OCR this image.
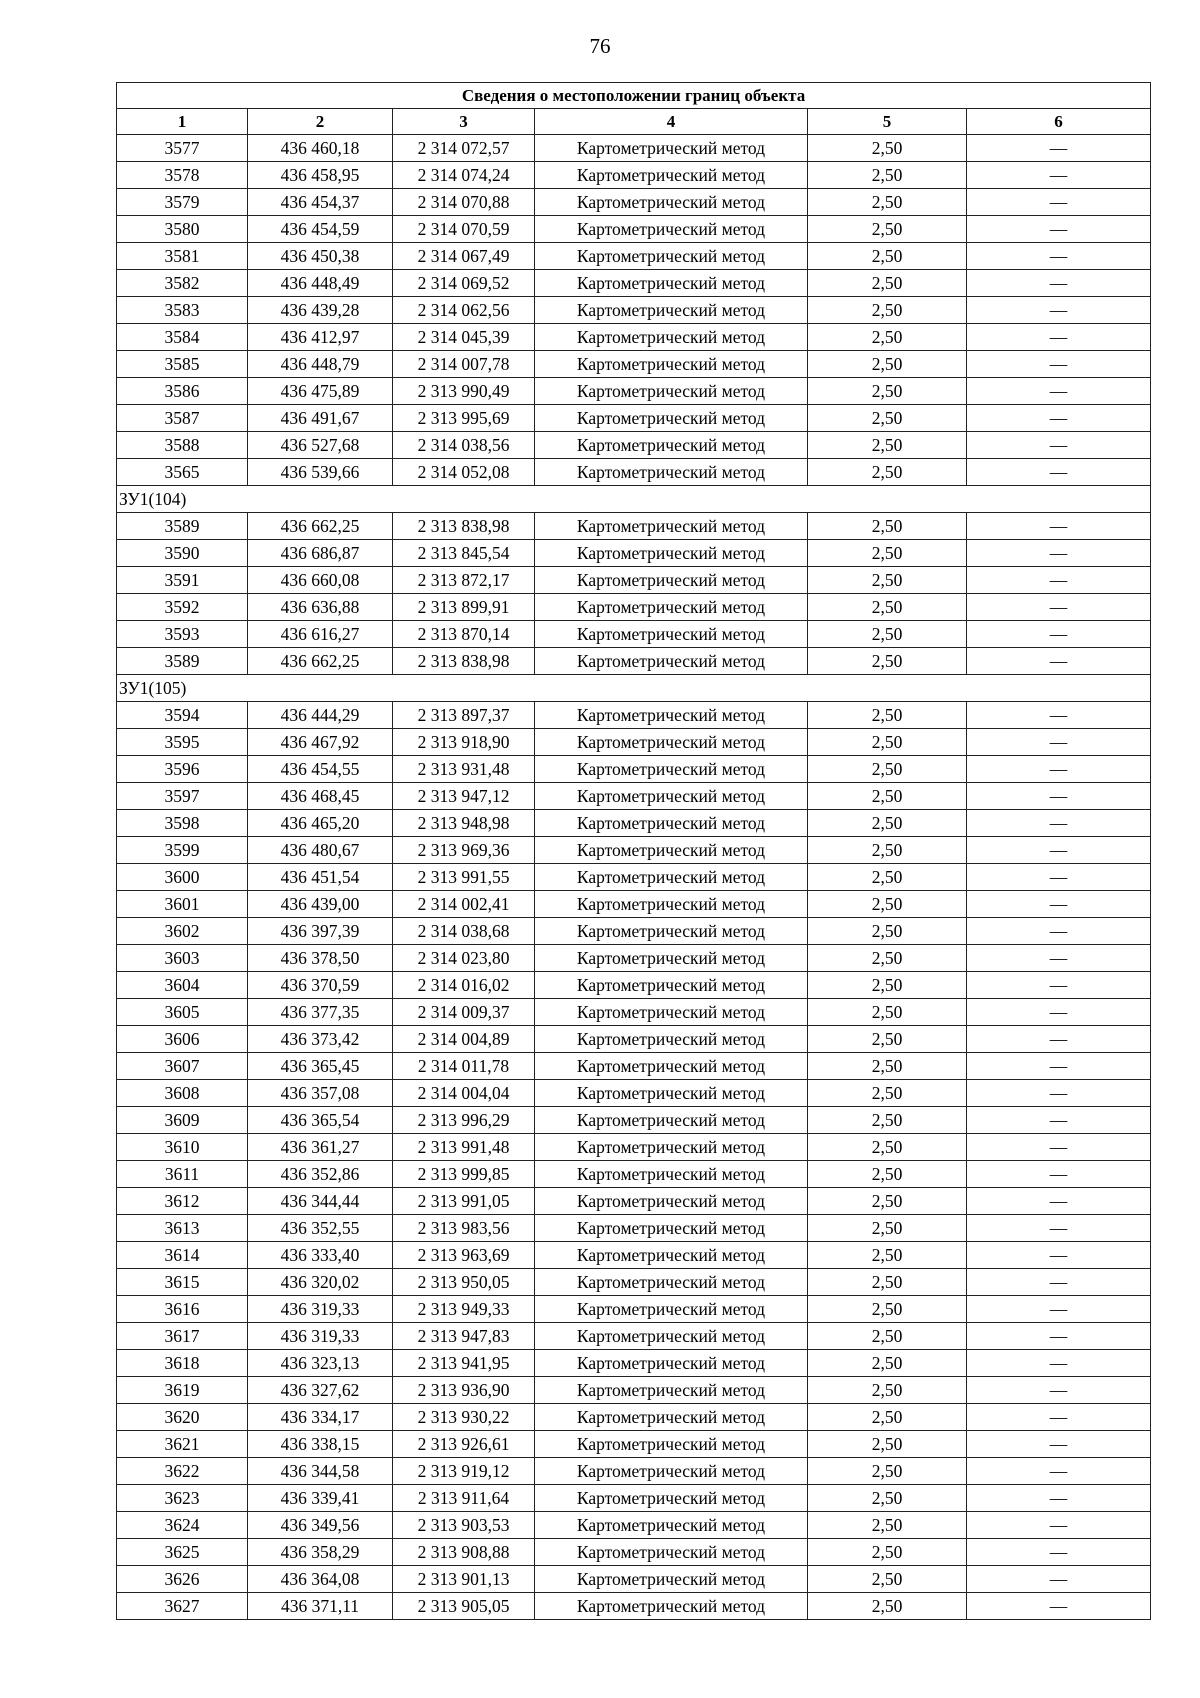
76
Сведения о местоположении границ объекта					
1	2	3	4	5	6
3577	436 460,18	2 314 072,57	Картометрический метод	2,50	—
3578	436 458,95	2 314 074,24	Картометрический метод	2,50	—
3579	436 454,37	2 314 070,88	Картометрический метод	2,50	—
3580	436 454,59	2 314 070,59	Картометрический метод	2,50	—
3581	436 450,38	2 314 067,49	Картометрический метод	2,50	—
3582	436 448,49	2 314 069,52	Картометрический метод	2,50	—
3583	436 439,28	2 314 062,56	Картометрический метод	2,50	—
3584	436 412,97	2 314 045,39	Картометрический метод	2,50	—
3585	436 448,79	2 314 007,78	Картометрический метод	2,50	—
3586	436 475,89	2 313 990,49	Картометрический метод	2,50	—
3587	436 491,67	2 313 995,69	Картометрический метод	2,50	—
3588	436 527,68	2 314 038,56	Картометрический метод	2,50	—
3565	436 539,66	2 314 052,08	Картометрический метод	2,50	—
ЗУ1(104)					
3589	436 662,25	2 313 838,98	Картометрический метод	2,50	—
3590	436 686,87	2 313 845,54	Картометрический метод	2,50	—
3591	436 660,08	2 313 872,17	Картометрический метод	2,50	—
3592	436 636,88	2 313 899,91	Картометрический метод	2,50	—
3593	436 616,27	2 313 870,14	Картометрический метод	2,50	—
3589	436 662,25	2 313 838,98	Картометрический метод	2,50	—
ЗУ1(105)					
3594	436 444,29	2 313 897,37	Картометрический метод	2,50	—
3595	436 467,92	2 313 918,90	Картометрический метод	2,50	—
3596	436 454,55	2 313 931,48	Картометрический метод	2,50	—
3597	436 468,45	2 313 947,12	Картометрический метод	2,50	—
3598	436 465,20	2 313 948,98	Картометрический метод	2,50	—
3599	436 480,67	2 313 969,36	Картометрический метод	2,50	—
3600	436 451,54	2 313 991,55	Картометрический метод	2,50	—
3601	436 439,00	2 314 002,41	Картометрический метод	2,50	—
3602	436 397,39	2 314 038,68	Картометрический метод	2,50	—
3603	436 378,50	2 314 023,80	Картометрический метод	2,50	—
3604	436 370,59	2 314 016,02	Картометрический метод	2,50	—
3605	436 377,35	2 314 009,37	Картометрический метод	2,50	—
3606	436 373,42	2 314 004,89	Картометрический метод	2,50	—
3607	436 365,45	2 314 011,78	Картометрический метод	2,50	—
3608	436 357,08	2 314 004,04	Картометрический метод	2,50	—
3609	436 365,54	2 313 996,29	Картометрический метод	2,50	—
3610	436 361,27	2 313 991,48	Картометрический метод	2,50	—
3611	436 352,86	2 313 999,85	Картометрический метод	2,50	—
3612	436 344,44	2 313 991,05	Картометрический метод	2,50	—
3613	436 352,55	2 313 983,56	Картометрический метод	2,50	—
3614	436 333,40	2 313 963,69	Картометрический метод	2,50	—
3615	436 320,02	2 313 950,05	Картометрический метод	2,50	—
3616	436 319,33	2 313 949,33	Картометрический метод	2,50	—
3617	436 319,33	2 313 947,83	Картометрический метод	2,50	—
3618	436 323,13	2 313 941,95	Картометрический метод	2,50	—
3619	436 327,62	2 313 936,90	Картометрический метод	2,50	—
3620	436 334,17	2 313 930,22	Картометрический метод	2,50	—
3621	436 338,15	2 313 926,61	Картометрический метод	2,50	—
3622	436 344,58	2 313 919,12	Картометрический метод	2,50	—
3623	436 339,41	2 313 911,64	Картометрический метод	2,50	—
3624	436 349,56	2 313 903,53	Картометрический метод	2,50	—
3625	436 358,29	2 313 908,88	Картометрический метод	2,50	—
3626	436 364,08	2 313 901,13	Картометрический метод	2,50	—
3627	436 371,11	2 313 905,05	Картометрический метод	2,50	—
